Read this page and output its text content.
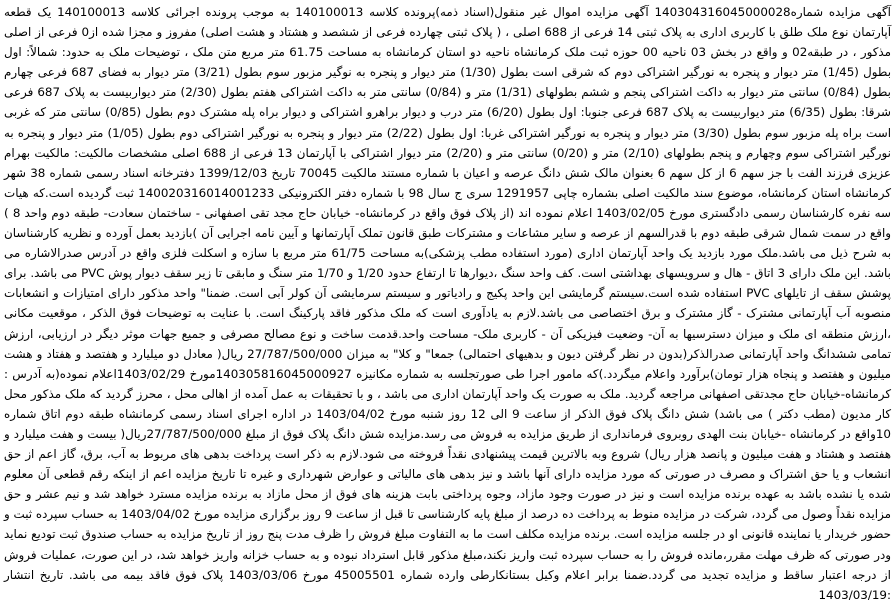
آگهی مزایده شماره140304316045000028 آگهی مزایده اموال غیر منقول(اسناد ذمه)پرونده کلاسه 140100013 به موجب پرونده اجرائی کلاسه 140100013 یک قطعه آپارتمان نوع ملک طلق با کاربری اداری به پلاک ثبتی 14 فرعی از 688 اصلی ، ( پلاک ثبتی چهارده فرعی از ششصد و هشتاد و هشت اصلی) مفروز و مجزا شده از0 فرعی از اصلی مذکور ، در طبقه02 و واقع در بخش 03 ناحیه 00 حوزه ثبت ملک کرمانشاه ناحیه دو استان کرمانشاه به مساحت 61.75 متر مربع متن ملک ، توضیحات ملک به حدود: شمالاً: اول بطول (1/45) متر دیوار و پنجره به نورگیر اشتراکی دوم که شرقی است بطول (1/30) متر دیوار و پنجره به نوگیر مزبور سوم بطول (3/21) متر دیوار به فضای 687 فرعی چهارم بطول (0/84) سانتی متر دیوار به داکت اشتراکی پنجم و ششم بطولهای (1/31) متر و (0/84) سانتی متر به داکت اشتراکی هفتم بطول (2/30) متر دیواربیست به پلاک 687 فرعی شرقا: بطول (6/35) متر دیواربیست به پلاک 687 فرعی جنوبا: اول بطول (6/20) متر درب و دیوار براهرو اشتراکی و دیوار براه پله مشترک دوم بطول (0/85) سانتی متر که غربی است براه پله مزبور سوم بطول (3/30) متر دیوار و پنجره به نورگیر اشتراکی غربا: اول بطول (2/22) متر دیوار و پنجره به نورگیر اشتراکی دوم بطول (1/05) متر دیوار و پنجره به نورگیر اشتراکی سوم وچهارم و پنجم بطولهای (2/10) متر و (0/20) سانتی متر و (2/20) متر دیوار اشتراکی با آپارتمان 13 فرعی از 688 اصلی مشخصات مالکیت: مالکیت بهرام عزیزی فرزند الفت با جز سهم 6 از کل سهم 6 بعنوان مالک شش دانگ عرصه و اعیان با شماره مستند مالکیت 70045 تاریخ 1399/12/03 دفترخانه اسناد رسمی شماره 38 شهر کرمانشاه استان کرمانشاه، موضوع سند مالکیت اصلی بشماره چاپی 1291957 سری ج سال 98 با شماره دفتر الکترونیکی 140020316014001233 ثبت گردیده است.که هیات سه نفره کارشناسان رسمی دادگستری مورخ 1403/02/05 اعلام نموده اند (از پلاک فوق واقع در کرمانشاه- خیابان حاج مجد تقی اصفهانی - ساختمان سعادت- طبقه دوم واحد 8 ) واقع در سمت شمال شرقی طبقه دوم با قدرالسهم از عرصه و سایر مشاعات و مشترکات طبق قانون تملک آپارتمانها و آیین نامه اجرایی آن )بازدید بعمل آورده و نظریه کارشناسان به شرح ذیل می باشد.ملک مورد بازدید یک واحد آپارتمان اداری (مورد استفاده مطب پزشکی)به مساحت 61/75 متر مربع با سازه و اسکلت فلزی واقع در آدرس صدرالاشاره می باشد. این ملک دارای 3 اتاق - هال و سرویسهای بهداشتی است. کف واحد سنگ ،دیوارها تا ارتفاع حدود 1/20 و 1/70 متر سنگ و مابقی تا زیر سقف دیوار پوش PVC می باشد. برای پوشش سقف از تایلهای PVC استفاده شده است.سیستم گرمایشی این واحد پکیج و رادیاتور و سیستم سرمایشی آن کولر آبی است. ضمنا" واحد مذکور دارای امتیازات و انشعابات منصوبه آب آپارتمانی مشترک - گاز مشترک و برق اختصاصی می باشد.لازم به یادآوری است که ملک مذکور فاقد پارکینگ است. با عنایت به توضیحات فوق الذکر ، موقعیت مکانی ،ارزش منطقه ای ملک و میزان دسترسیها به آن- وضعیت فیزیکی آن - کاربری ملک- مساحت واحد.قدمت ساخت و نوع مصالح مصرفی و جمیع جهات موثر دیگر در ارزیابی، ارزش تمامی ششدانگ واحد آپارتمانی صدرالذکر(بدون در نظر گرفتن دیون و بدهیهای احتمالی) جمعا" و کلا" به میزان 27/787/500/000 ریال( معادل دو میلیارد و هفتصد و هفتاد و هشت میلیون و هفتصد و پنجاه هزار تومان)برآورد واعلام میگردد.)که مامور اجرا طی صورتجلسه به شماره مکانیزه 140305816045000927مورخ 1403/02/29اعلام نموده(به آدرس : کرمانشاه-خیابان حاج مجدتقی اصفهانی مراجعه گردید. ملک به صورت یک واحد آپارتمان اداری می باشد ، و با تحقیقات به عمل آمده از اهالی محل ، محرز گردید که ملک مذکور محل کار مدیون (مطب دکتر ) می باشد) شش دانگ پلاک فوق الذکر از ساعت 9 الی 12 روز شنبه مورخ 1403/04/02 در اداره اجرای اسناد رسمی کرمانشاه طبقه دوم اتاق شماره 10واقع در کرمانشاه -خیابان بنت الهدی روبروی فرمانداری از طریق مزایده به فروش می رسد.مزایده شش دانگ پلاک فوق از مبلغ 27/787/500/000ریال( بیست و هفت میلیارد و هفتصد و هشتاد و هفت میلیون و پانصد هزار ریال) شروع وبه بالاترین قیمت پیشنهادی نقداً فروخته می شود.لازم به ذکر است پرداخت بدهی های مربوط به آب، برق، گاز اعم از حق انشعاب و یا حق اشتراک و مصرف در صورتی که مورد مزایده دارای آنها باشد و نیز بدهی های مالیاتی و عوارض شهرداری و غیره تا تاریخ مزایده اعم از اینکه رقم قطعی آن معلوم شده یا نشده باشد به عهده برنده مزایده است و نیز در صورت وجود مازاد، وجوه پرداختی بابت هزینه های فوق از محل مازاد به برنده مزایده مسترد خواهد شد و نیم عشر و حق مزایده نقداً وصول می گردد، شرکت در مزایده منوط به پرداخت ده درصد از مبلغ پایه کارشناسی تا قبل از ساعت 9 روز برگزاری مزایده مورخ 1403/04/02 به حساب سپرده ثبت و حضور خریدار یا نماینده قانونی او در جلسه مزایده است. برنده مزایده مکلف است ما به التفاوت مبلغ فروش را ظرف مدت پنج روز از تاریخ مزایده به حساب صندوق ثبت تودیع نماید ودر صورتی که ظرف مهلت مقرر،مانده فروش را به حساب سپرده ثبت واریز نکند،مبلغ مذکور قابل استرداد نبوده و به حساب خزانه واریز خواهد شد، در این صورت، عملیات فروش از درجه اعتبار ساقط و مزایده تجدید می گردد.ضمنا برابر اعلام وکیل بستانکارطی وارده شماره 45005501 مورخ 1403/03/06 پلاک فوق فاقد بیمه می باشد. تاریخ انتشار :1403/03/19
